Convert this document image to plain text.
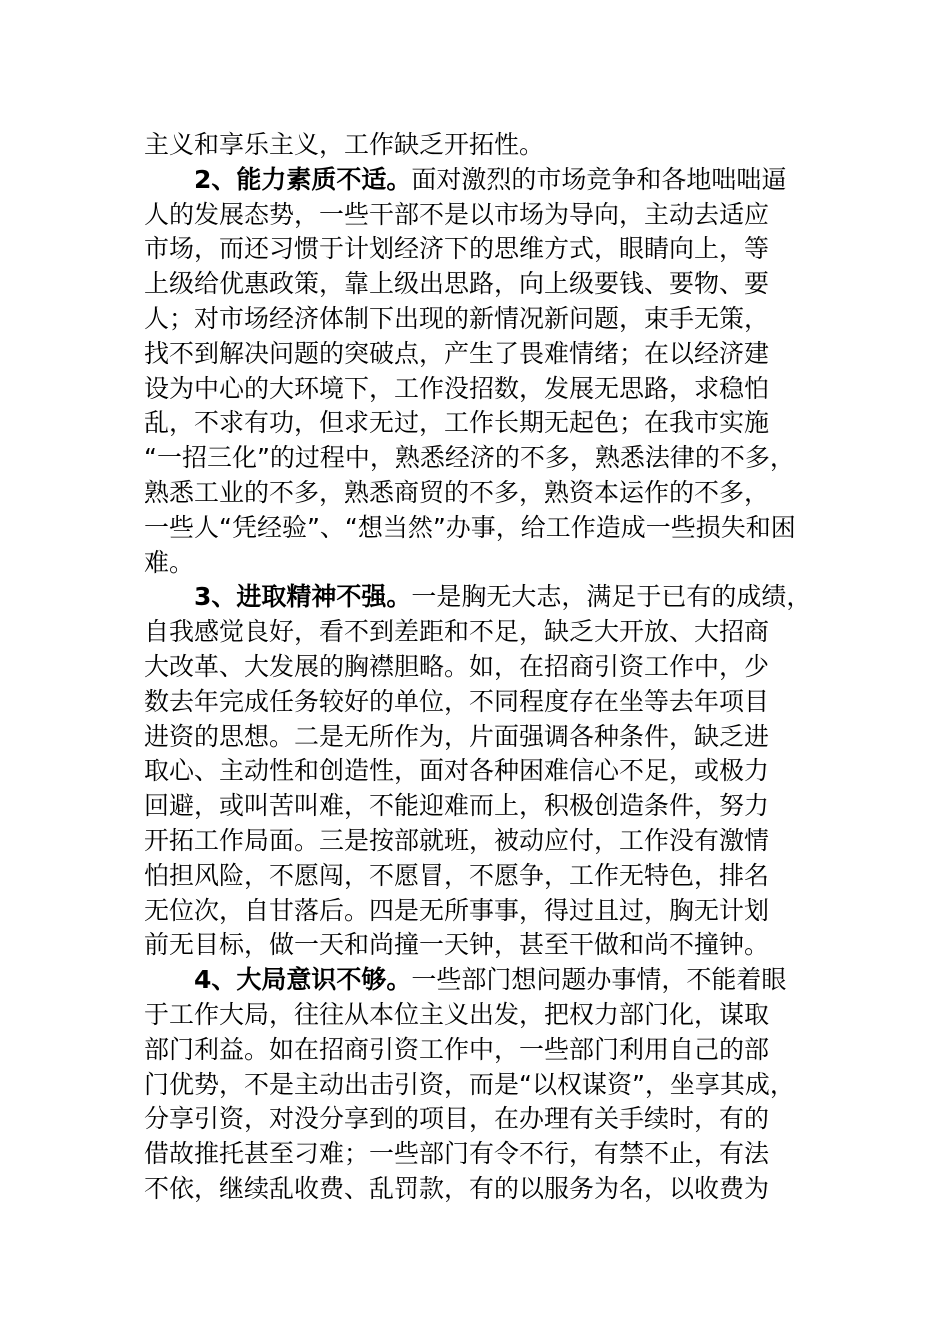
主义和享乐主义，工作缺乏开拓性。
2、能力素质不适。面对激烈的市场竞争和各地咄咄逼
人的发展态势，一些干部不是以市场为导向，主动去适应
市场，而还习惯于计划经济下的思维方式，眼睛向上，等
上级给优惠政策，靠上级出思路，向上级要钱、要物、要
人；对市场经济体制下出现的新情况新问题，束手无策，
找不到解决问题的突破点，产生了畏难情绪；在以经济建
设为中心的大环境下，工作没招数，发展无思路，求稳怕
乱，不求有功，但求无过，工作长期无起色；在我市实施
“一招三化”的过程中，熟悉经济的不多，熟悉法律的不多，
熟悉工业的不多，熟悉商贸的不多，熟资本运作的不多，
一些人“凭经验”、“想当然”办事，给工作造成一些损失和困
难。
3、进取精神不强。一是胸无大志，满足于已有的成绩，
自我感觉良好，看不到差距和不足，缺乏大开放、大招商
大改革、大发展的胸襟胆略。如，在招商引资工作中，少
数去年完成任务较好的单位，不同程度存在坐等去年项目
进资的思想。二是无所作为，片面强调各种条件，缺乏进
取心、主动性和创造性，面对各种困难信心不足，或极力
回避，或叫苦叫难，不能迎难而上，积极创造条件，努力
开拓工作局面。三是按部就班，被动应付，工作没有激情
怕担风险，不愿闯，不愿冒，不愿争，工作无特色，排名
无位次，自甘落后。四是无所事事，得过且过，胸无计划
前无目标，做一天和尚撞一天钟，甚至干做和尚不撞钟。
4、大局意识不够。一些部门想问题办事情，不能着眼
于工作大局，往往从本位主义出发，把权力部门化，谋取
部门利益。如在招商引资工作中，一些部门利用自己的部
门优势，不是主动出击引资，而是“以权谋资”，坐享其成，
分享引资，对没分享到的项目，在办理有关手续时，有的
借故推托甚至刁难；一些部门有令不行，有禁不止，有法
不依，继续乱收费、乱罚款，有的以服务为名，以收费为
